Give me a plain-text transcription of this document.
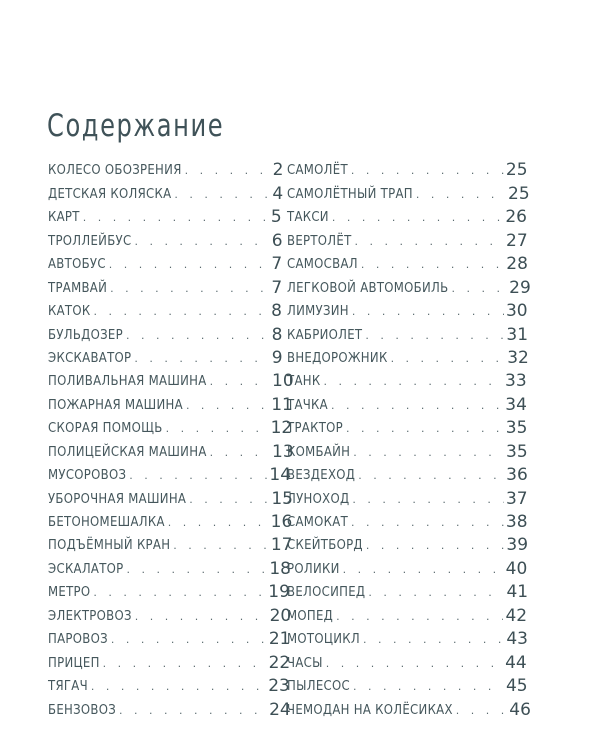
Содержание
КОЛЕСО ОБОЗРЕНИЯ . . .	2
ДЕТСКАЯ КОЛЯСКА . . .	4
КАРТ . . .	5
ТРОЛЛЕЙБУС . . .	6
АВТОБУС . . .	7
ТРАМВАЙ . . .	7
КАТОК . . .	8
БУЛЬДОЗЕР . . .	8
ЭКСКАВАТОР . . .	9
ПОЛИВАЛЬНАЯ МАШИНА . . .	10
ПОЖАРНАЯ МАШИНА . . .	11
СКОРАЯ ПОМОЩЬ . . .	12
ПОЛИЦЕЙСКАЯ МАШИНА . . .	13
МУСОРОВОЗ . . .	14
УБОРОЧНАЯ МАШИНА . . .	15
БЕТОНОМЕШАЛКА . . .	16
ПОДЪЁМНЫЙ КРАН . . .	17
ЭСКАЛАТОР . . .	18
МЕТРО . . .	19
ЭЛЕКТРОВОЗ . . .	20
ПАРОВОЗ . . .	21
ПРИЦЕП . . .	22
ТЯГАЧ . . .	23
БЕНЗОВОЗ . . .	24
САМОЛЁТ . . .	25
САМОЛЁТНЫЙ ТРАП . . .	25
ТАКСИ . . .	26
ВЕРТОЛЁТ . . .	27
САМОСВАЛ . . .	28
ЛЕГКОВОЙ АВТОМОБИЛЬ . . .	29
ЛИМУЗИН . . .	30
КАБРИОЛЕТ . . .	31
ВНЕДОРОЖНИК . . .	32
ТАНК . . .	33
ТАЧКА . . .	34
ТРАКТОР . . .	35
КОМБАЙН . . .	35
ВЕЗДЕХОД . . .	36
ЛУНОХОД . . .	37
САМОКАТ . . .	38
СКЕЙТБОРД . . .	39
РОЛИКИ . . .	40
ВЕЛОСИПЕД . . .	41
МОПЕД . . .	42
МОТОЦИКЛ . . .	43
ЧАСЫ . . .	44
ПЫЛЕСОС . . .	45
ЧЕМОДАН НА КОЛЁСИКАХ . . .	46
